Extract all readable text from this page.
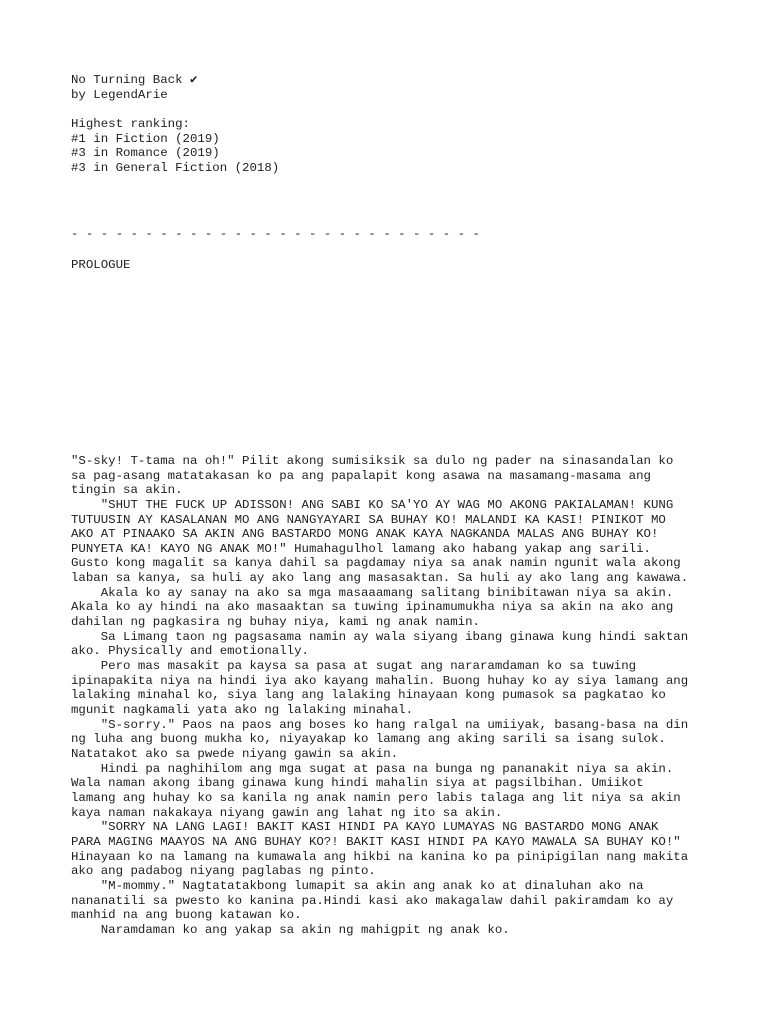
No Turning Back ✔
by LegendArie
Highest ranking:
#1 in Fiction (2019)
#3 in Romance (2019)
#3 in General Fiction (2018)
- - - - - - - - - - - - - - - - - - - - - - - - - - - -
PROLOGUE
"S-sky! T-tama na oh!" Pilit akong sumisiksik sa dulo ng pader na sinasandalan ko
sa pag-asang matatakasan ko pa ang papalapit kong asawa na masamang-masama ang
tingin sa akin.
"SHUT THE FUCK UP ADISSON! ANG SABI KO SA'YO AY WAG MO AKONG PAKIALAMAN! KUNG
TUTUUSIN AY KASALANAN MO ANG NANGYAYARI SA BUHAY KO! MALANDI KA KASI! PINIKOT MO
AKO AT PINAAKO SA AKIN ANG BASTARDO MONG ANAK KAYA NAGKANDA MALAS ANG BUHAY KO!
PUNYETA KA! KAYO NG ANAK MO!" Humahagulhol lamang ako habang yakap ang sarili.
Gusto kong magalit sa kanya dahil sa pagdamay niya sa anak namin ngunit wala akong
laban sa kanya, sa huli ay ako lang ang masasaktan. Sa huli ay ako lang ang kawawa.
Akala ko ay sanay na ako sa mga masaaamang salitang binibitawan niya sa akin.
Akala ko ay hindi na ako masaaktan sa tuwing ipinamumukha niya sa akin na ako ang
dahilan ng pagkasira ng buhay niya, kami ng anak namin.
Sa Limang taon ng pagsasama namin ay wala siyang ibang ginawa kung hindi saktan
ako. Physically and emotionally.
Pero mas masakit pa kaysa sa pasa at sugat ang nararamdaman ko sa tuwing
ipinapakita niya na hindi iya ako kayang mahalin. Buong huhay ko ay siya lamang ang
lalaking minahal ko, siya lang ang lalaking hinayaan kong pumasok sa pagkatao ko
mgunit nagkamali yata ako ng lalaking minahal.
"S-sorry." Paos na paos ang boses ko hang ralgal na umiiyak, basang-basa na din
ng luha ang buong mukha ko, niyayakap ko lamang ang aking sarili sa isang sulok.
Natatakot ako sa pwede niyang gawin sa akin.
Hindi pa naghihilom ang mga sugat at pasa na bunga ng pananakit niya sa akin.
Wala naman akong ibang ginawa kung hindi mahalin siya at pagsilbihan. Umiikot
lamang ang huhay ko sa kanila ng anak namin pero labis talaga ang lit niya sa akin
kaya naman nakakaya niyang gawin ang lahat ng ito sa akin.
"SORRY NA LANG LAGI! BAKIT KASI HINDI PA KAYO LUMAYAS NG BASTARDO MONG ANAK
PARA MAGING MAAYOS NA ANG BUHAY KO?! BAKIT KASI HINDI PA KAYO MAWALA SA BUHAY KO!"
Hinayaan ko na lamang na kumawala ang hikbi na kanina ko pa pinipigilan nang makita
ako ang padabog niyang paglabas ng pinto.
"M-mommy." Nagtatatakbong lumapit sa akin ang anak ko at dinaluhan ako na
nananatili sa pwesto ko kanina pa.Hindi kasi ako makagalaw dahil pakiramdam ko ay
manhid na ang buong katawan ko.
Naramdaman ko ang yakap sa akin ng mahigpit ng anak ko.
